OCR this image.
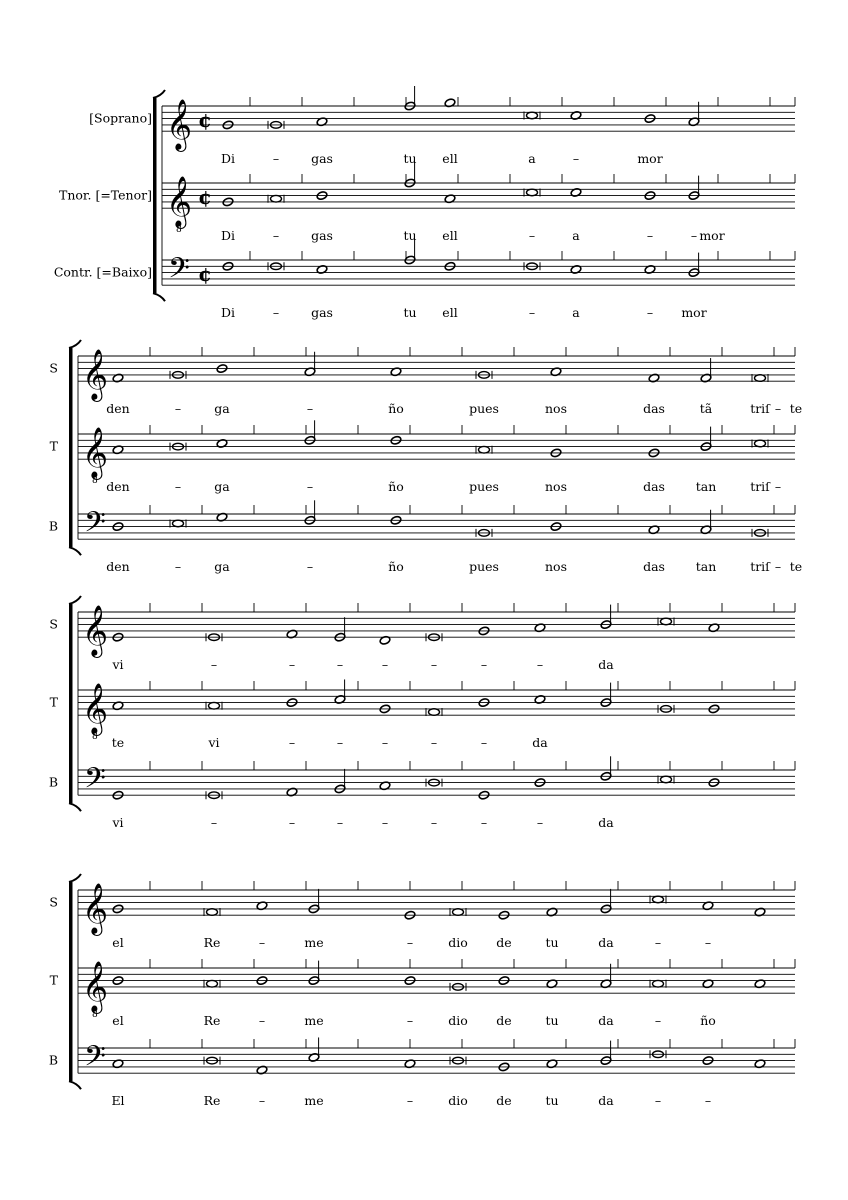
[Soprano]
Tnor. [=Tenor]
Contr. [=Baixo]
𝄞 ¢
Di	–	gas	tu ell	a	–	mor
𝄞
8
¢
Di	–	gas	tu ell	–	a	–	– mor
𝄢 ¢
Di	–	gas	tu ell	–	a	– mor
S
T
B
𝄞
den	–	ga	–	ño	pues	nos	das	tã	triſ – te
𝄞
8 den	–	ga	–	ño	pues	nos	das tan	triſ –
𝄢
den	–	ga	–	ño	pues	nos	das tan	triſ – te
S
T
B
𝄞
vi	–	–	–	–	–	–	–	da
𝄞
8 te	vi	–	–	–	–	–	da
𝄢
vi	–	–	–	–	–	–	–	da
S
T
B
𝄞
el	Re	–	me	–	dio de	tu	da	–	–
𝄞
8 el	Re	–	me	–	dio de	tu	da	–	ño
𝄢
El	Re	–	me	–	dio de	tu	da	–	–
